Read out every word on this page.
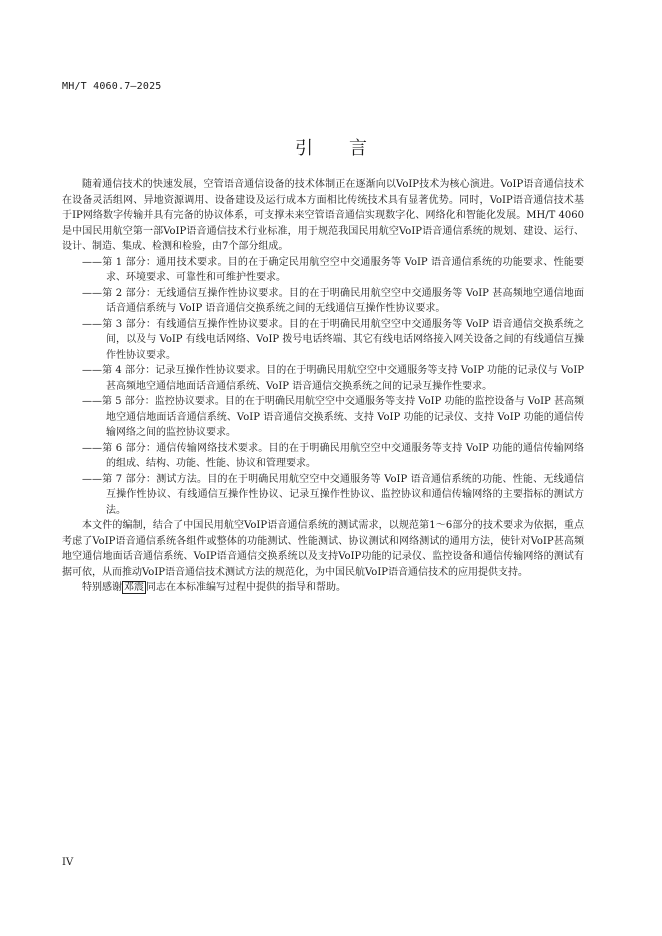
MH/T 4060.7—2025
引　　言

随着通信技术的快速发展，空管语音通信设备的技术体制正在逐渐向以VoIP技术为核心演进。VoIP语音通信技术在设备灵活组网、异地资源调用、设备建设及运行成本方面相比传统技术具有显著优势。同时，VoIP语音通信技术基于IP网络数字传输并具有完备的协议体系，可支撑未来空管语音通信实现数字化、网络化和智能化发展。MH/T 4060是中国民用航空第一部VoIP语音通信技术行业标准，用于规范我国民用航空VoIP语音通信系统的规划、建设、运行、设计、制造、集成、检测和检验，由7个部分组成。

——第 1 部分：通用技术要求。目的在于确定民用航空空中交通服务等 VoIP 语音通信系统的功能要求、性能要求、环境要求、可靠性和可维护性要求。

——第 2 部分：无线通信互操作性协议要求。目的在于明确民用航空空中交通服务等 VoIP 甚高频地空通信地面话音通信系统与 VoIP 语音通信交换系统之间的无线通信互操作性协议要求。

——第 3 部分：有线通信互操作性协议要求。目的在于明确民用航空空中交通服务等 VoIP 语音通信交换系统之间，以及与 VoIP 有线电话网络、VoIP 拨号电话终端、其它有线电话网络接入网关设备之间的有线通信互操作性协议要求。

——第 4 部分：记录互操作性协议要求。目的在于明确民用航空空中交通服务等支持 VoIP 功能的记录仪与 VoIP 甚高频地空通信地面话音通信系统、VoIP 语音通信交换系统之间的记录互操作性要求。

——第 5 部分：监控协议要求。目的在于明确民用航空空中交通服务等支持 VoIP 功能的监控设备与 VoIP 甚高频地空通信地面话音通信系统、VoIP 语音通信交换系统、支持 VoIP 功能的记录仪、支持 VoIP 功能的通信传输网络之间的监控协议要求。

——第 6 部分：通信传输网络技术要求。目的在于明确民用航空空中交通服务等支持 VoIP 功能的通信传输网络的组成、结构、功能、性能、协议和管理要求。

——第 7 部分：测试方法。目的在于明确民用航空空中交通服务等 VoIP 语音通信系统的功能、性能、无线通信互操作性协议、有线通信互操作性协议、记录互操作性协议、监控协议和通信传输网络的主要指标的测试方法。

本文件的编制，结合了中国民用航空VoIP语音通信系统的测试需求，以规范第1～6部分的技术要求为依据，重点考虑了VoIP语音通信系统各组件或整体的功能测试、性能测试、协议测试和网络测试的通用方法，使针对VoIP甚高频地空通信地面话音通信系统、VoIP语音通信交换系统以及支持VoIP功能的记录仪、监控设备和通信传输网络的测试有据可依，从而推动VoIP语音通信技术测试方法的规范化，为中国民航VoIP语音通信技术的应用提供支持。

特别感谢 邓震 同志在本标准编写过程中提供的指导和帮助。

IV
